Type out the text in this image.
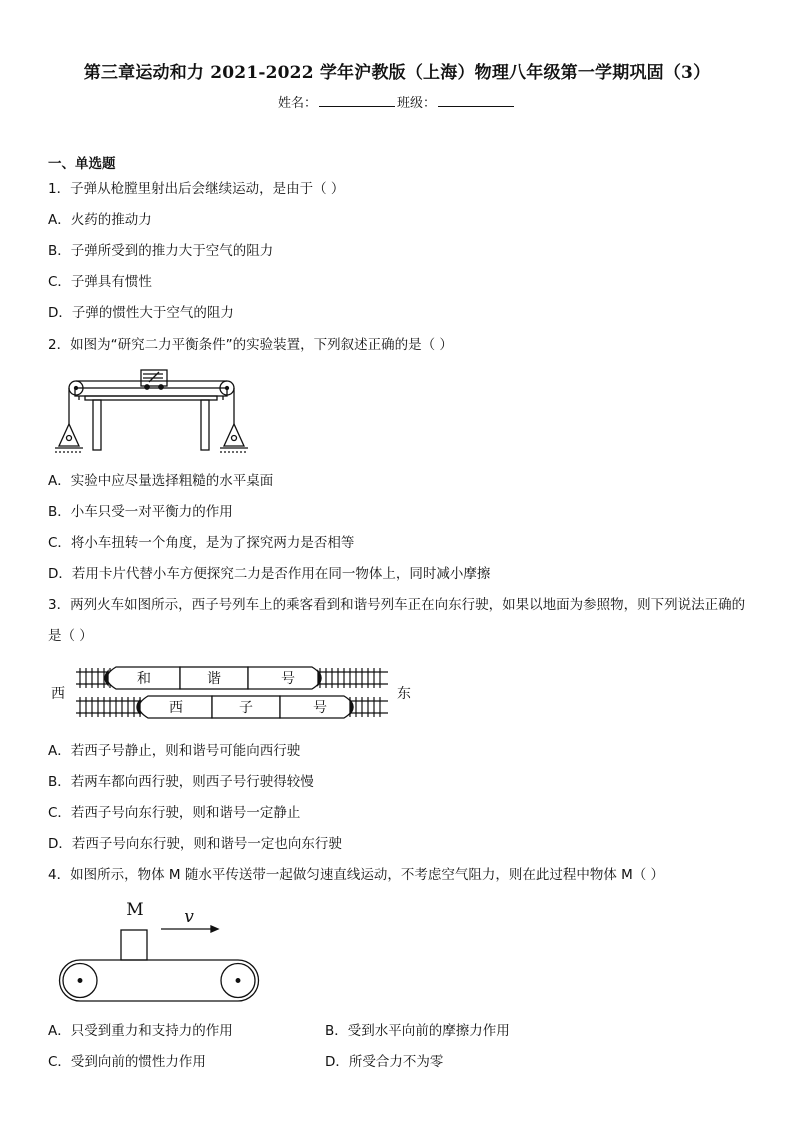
第三章运动和力 2021-2022 学年沪教版（上海）物理八年级第一学期巩固（3）
姓名：	班级：
一、单选题
1．子弹从枪膛里射出后会继续运动，是由于（ ）
A．火药的推动力
B．子弹所受到的推力大于空气的阻力
C．子弹具有惯性
D．子弹的惯性大于空气的阻力
2．如图为“研究二力平衡条件”的实验装置，下列叙述正确的是（ ）
A．实验中应尽量选择粗糙的水平桌面
B．小车只受一对平衡力的作用
C．将小车扭转一个角度，是为了探究两力是否相等
D．若用卡片代替小车方便探究二力是否作用在同一物体上，同时减小摩擦
3．两列火车如图所示，西子号列车上的乘客看到和谐号列车正在向东行驶，如果以地面为参照物，则下列说法正确的是（ ）
和	谐	号
西	子	号
西	东
A．若西子号静止，则和谐号可能向西行驶
B．若两车都向西行驶，则西子号行驶得较慢
C．若西子号向东行驶，则和谐号一定静止
D．若西子号向东行驶，则和谐号一定也向东行驶
4．如图所示，物体 M 随水平传送带一起做匀速直线运动，不考虑空气阻力，则在此过程中物体 M（ ）
M v
A．只受到重力和支持力的作用	B．受到水平向前的摩擦力作用
C．受到向前的惯性力作用	D．所受合力不为零
